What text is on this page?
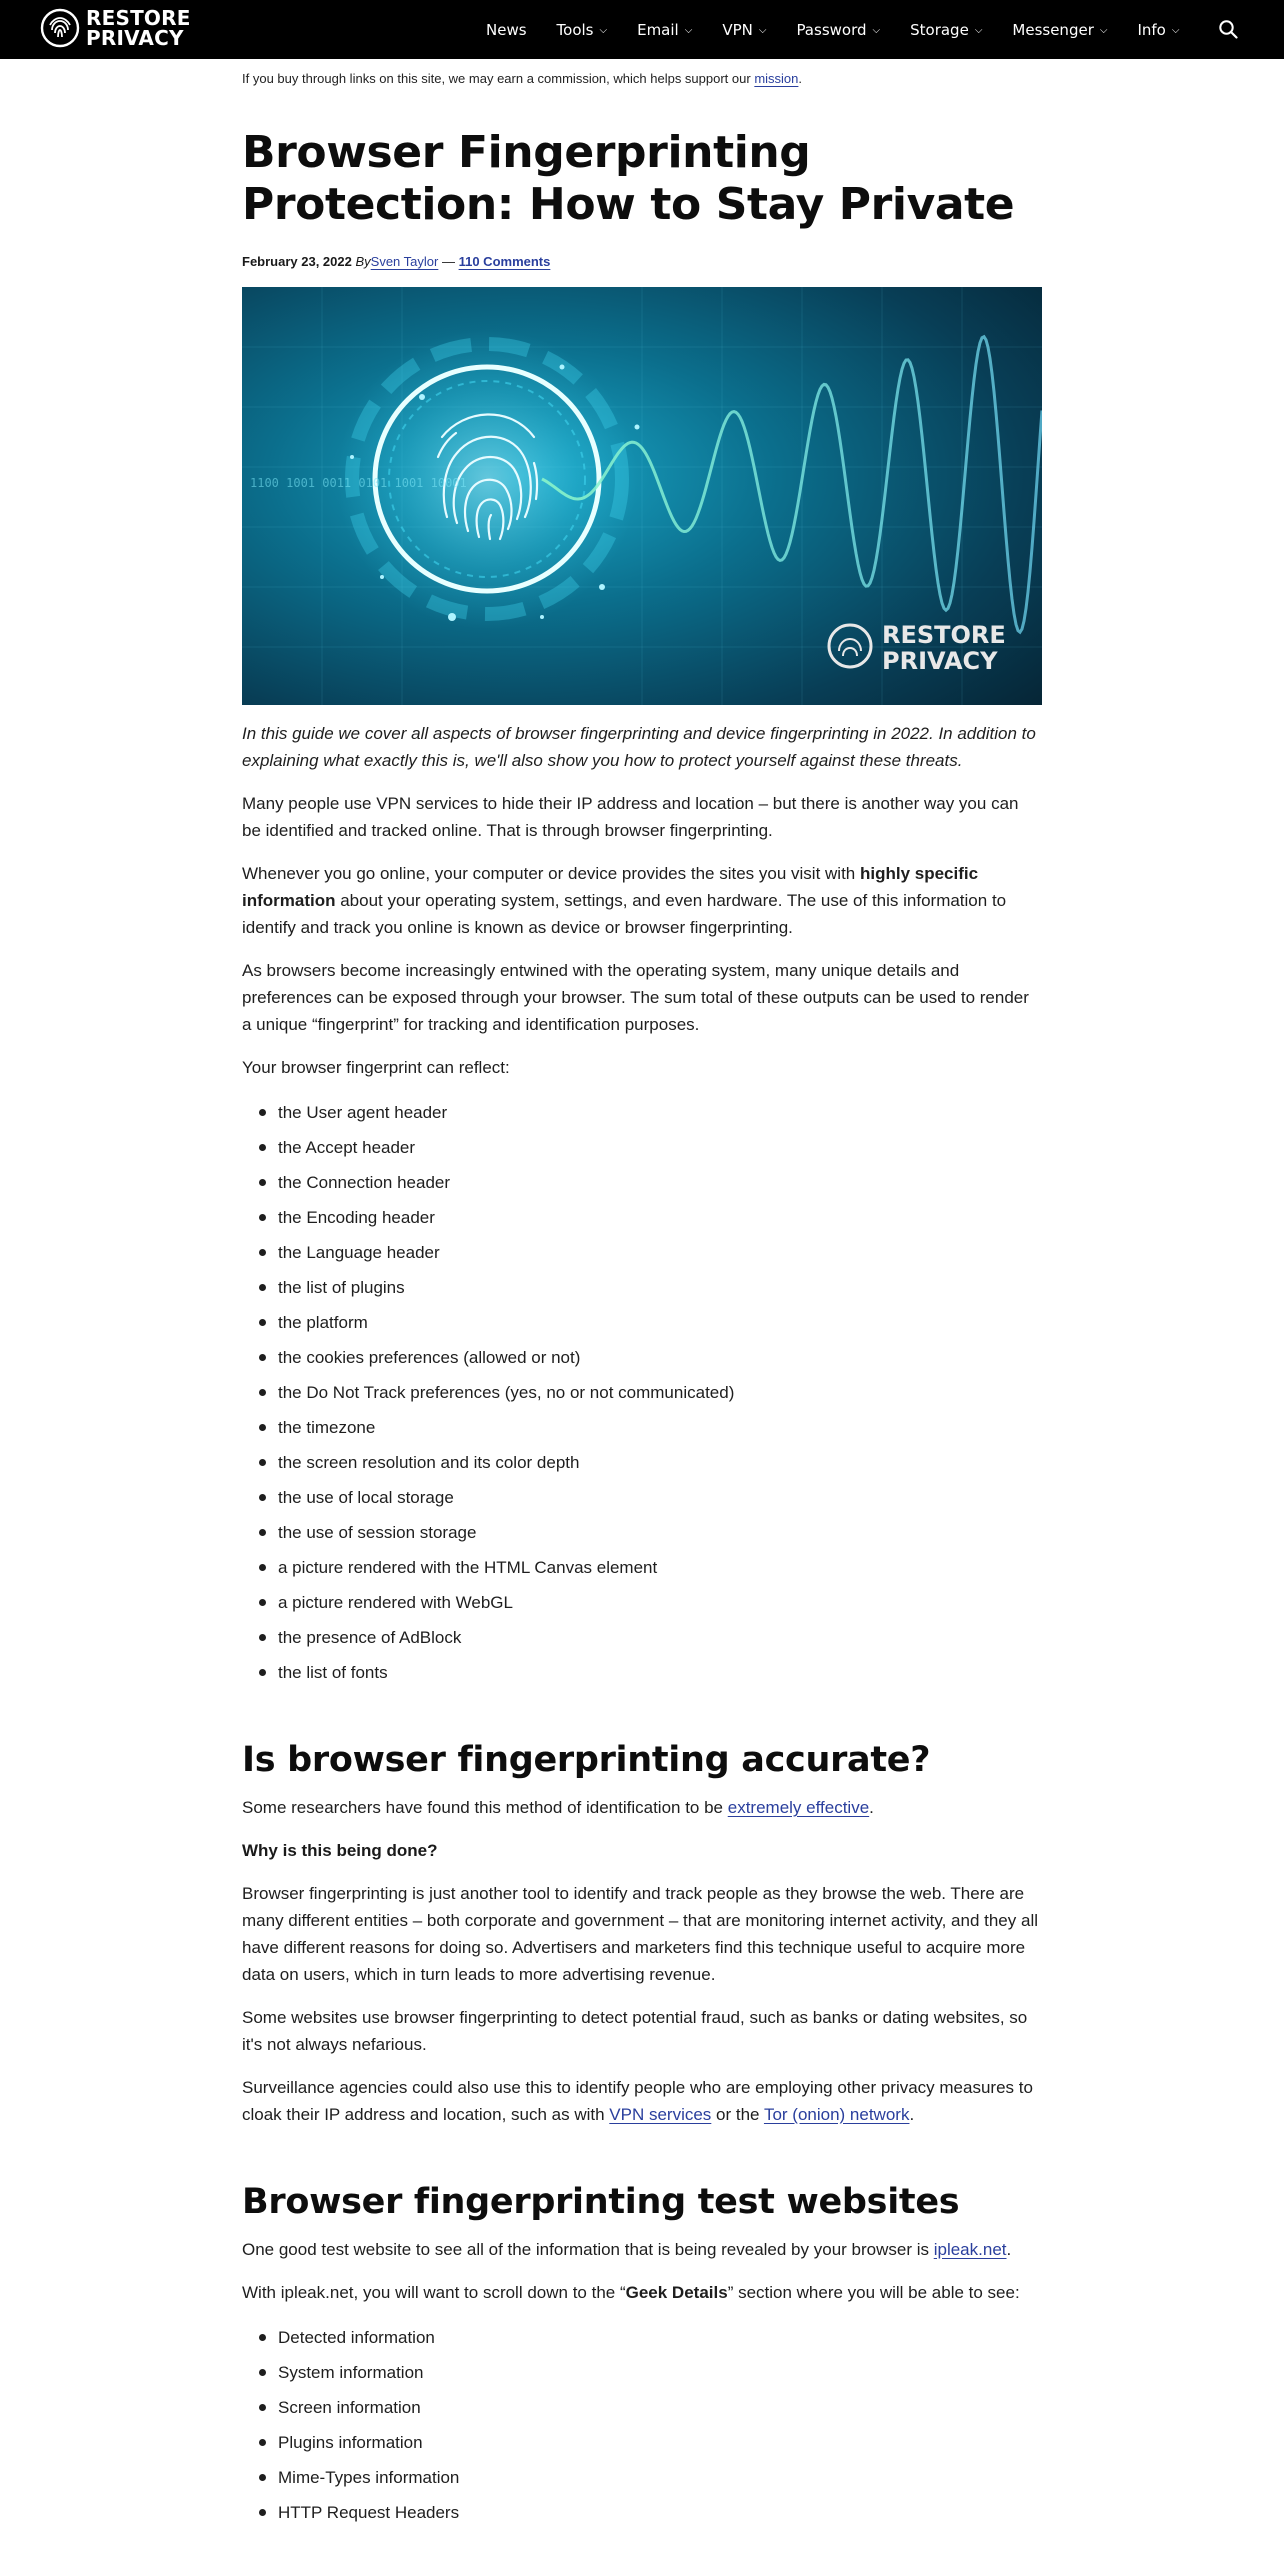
RESTORE
PRIVACY	News Tools ⌵ Email ⌵ VPN ⌵ Password ⌵ Storage ⌵ Messenger ⌵ Info ⌵

If you buy through links on this site, we may earn a commission, which helps support our mission.

Browser Fingerprinting Protection: How to Stay Private
February 23, 2022 BySven Taylor — 110 Comments
1100 1001 0011 0101 1001 10001
RESTORE
PRIVACY

In this guide we cover all aspects of browser fingerprinting and device fingerprinting in 2022. In addition to explaining what exactly this is, we'll also show you how to protect yourself against these threats.

Many people use VPN services to hide their IP address and location – but there is another way you can be identified and tracked online. That is through browser fingerprinting.

Whenever you go online, your computer or device provides the sites you visit with highly specific information about your operating system, settings, and even hardware. The use of this information to identify and track you online is known as device or browser fingerprinting.

As browsers become increasingly entwined with the operating system, many unique details and preferences can be exposed through your browser. The sum total of these outputs can be used to render a unique “fingerprint” for tracking and identification purposes.

Your browser fingerprint can reflect:

the User agent header
the Accept header
the Connection header
the Encoding header
the Language header
the list of plugins
the platform
the cookies preferences (allowed or not)
the Do Not Track preferences (yes, no or not communicated)
the timezone
the screen resolution and its color depth
the use of local storage
the use of session storage
a picture rendered with the HTML Canvas element
a picture rendered with WebGL
the presence of AdBlock
the list of fonts
Is browser fingerprinting accurate?

Some researchers have found this method of identification to be extremely effective.

Why is this being done?

Browser fingerprinting is just another tool to identify and track people as they browse the web. There are many different entities – both corporate and government – that are monitoring internet activity, and they all have different reasons for doing so. Advertisers and marketers find this technique useful to acquire more data on users, which in turn leads to more advertising revenue.

Some websites use browser fingerprinting to detect potential fraud, such as banks or dating websites, so it's not always nefarious.

Surveillance agencies could also use this to identify people who are employing other privacy measures to cloak their IP address and location, such as with VPN services or the Tor (onion) network.

Browser fingerprinting test websites

One good test website to see all of the information that is being revealed by your browser is ipleak.net.

With ipleak.net, you will want to scroll down to the “Geek Details” section where you will be able to see:

Detected information
System information
Screen information
Plugins information
Mime-Types information
HTTP Request Headers
